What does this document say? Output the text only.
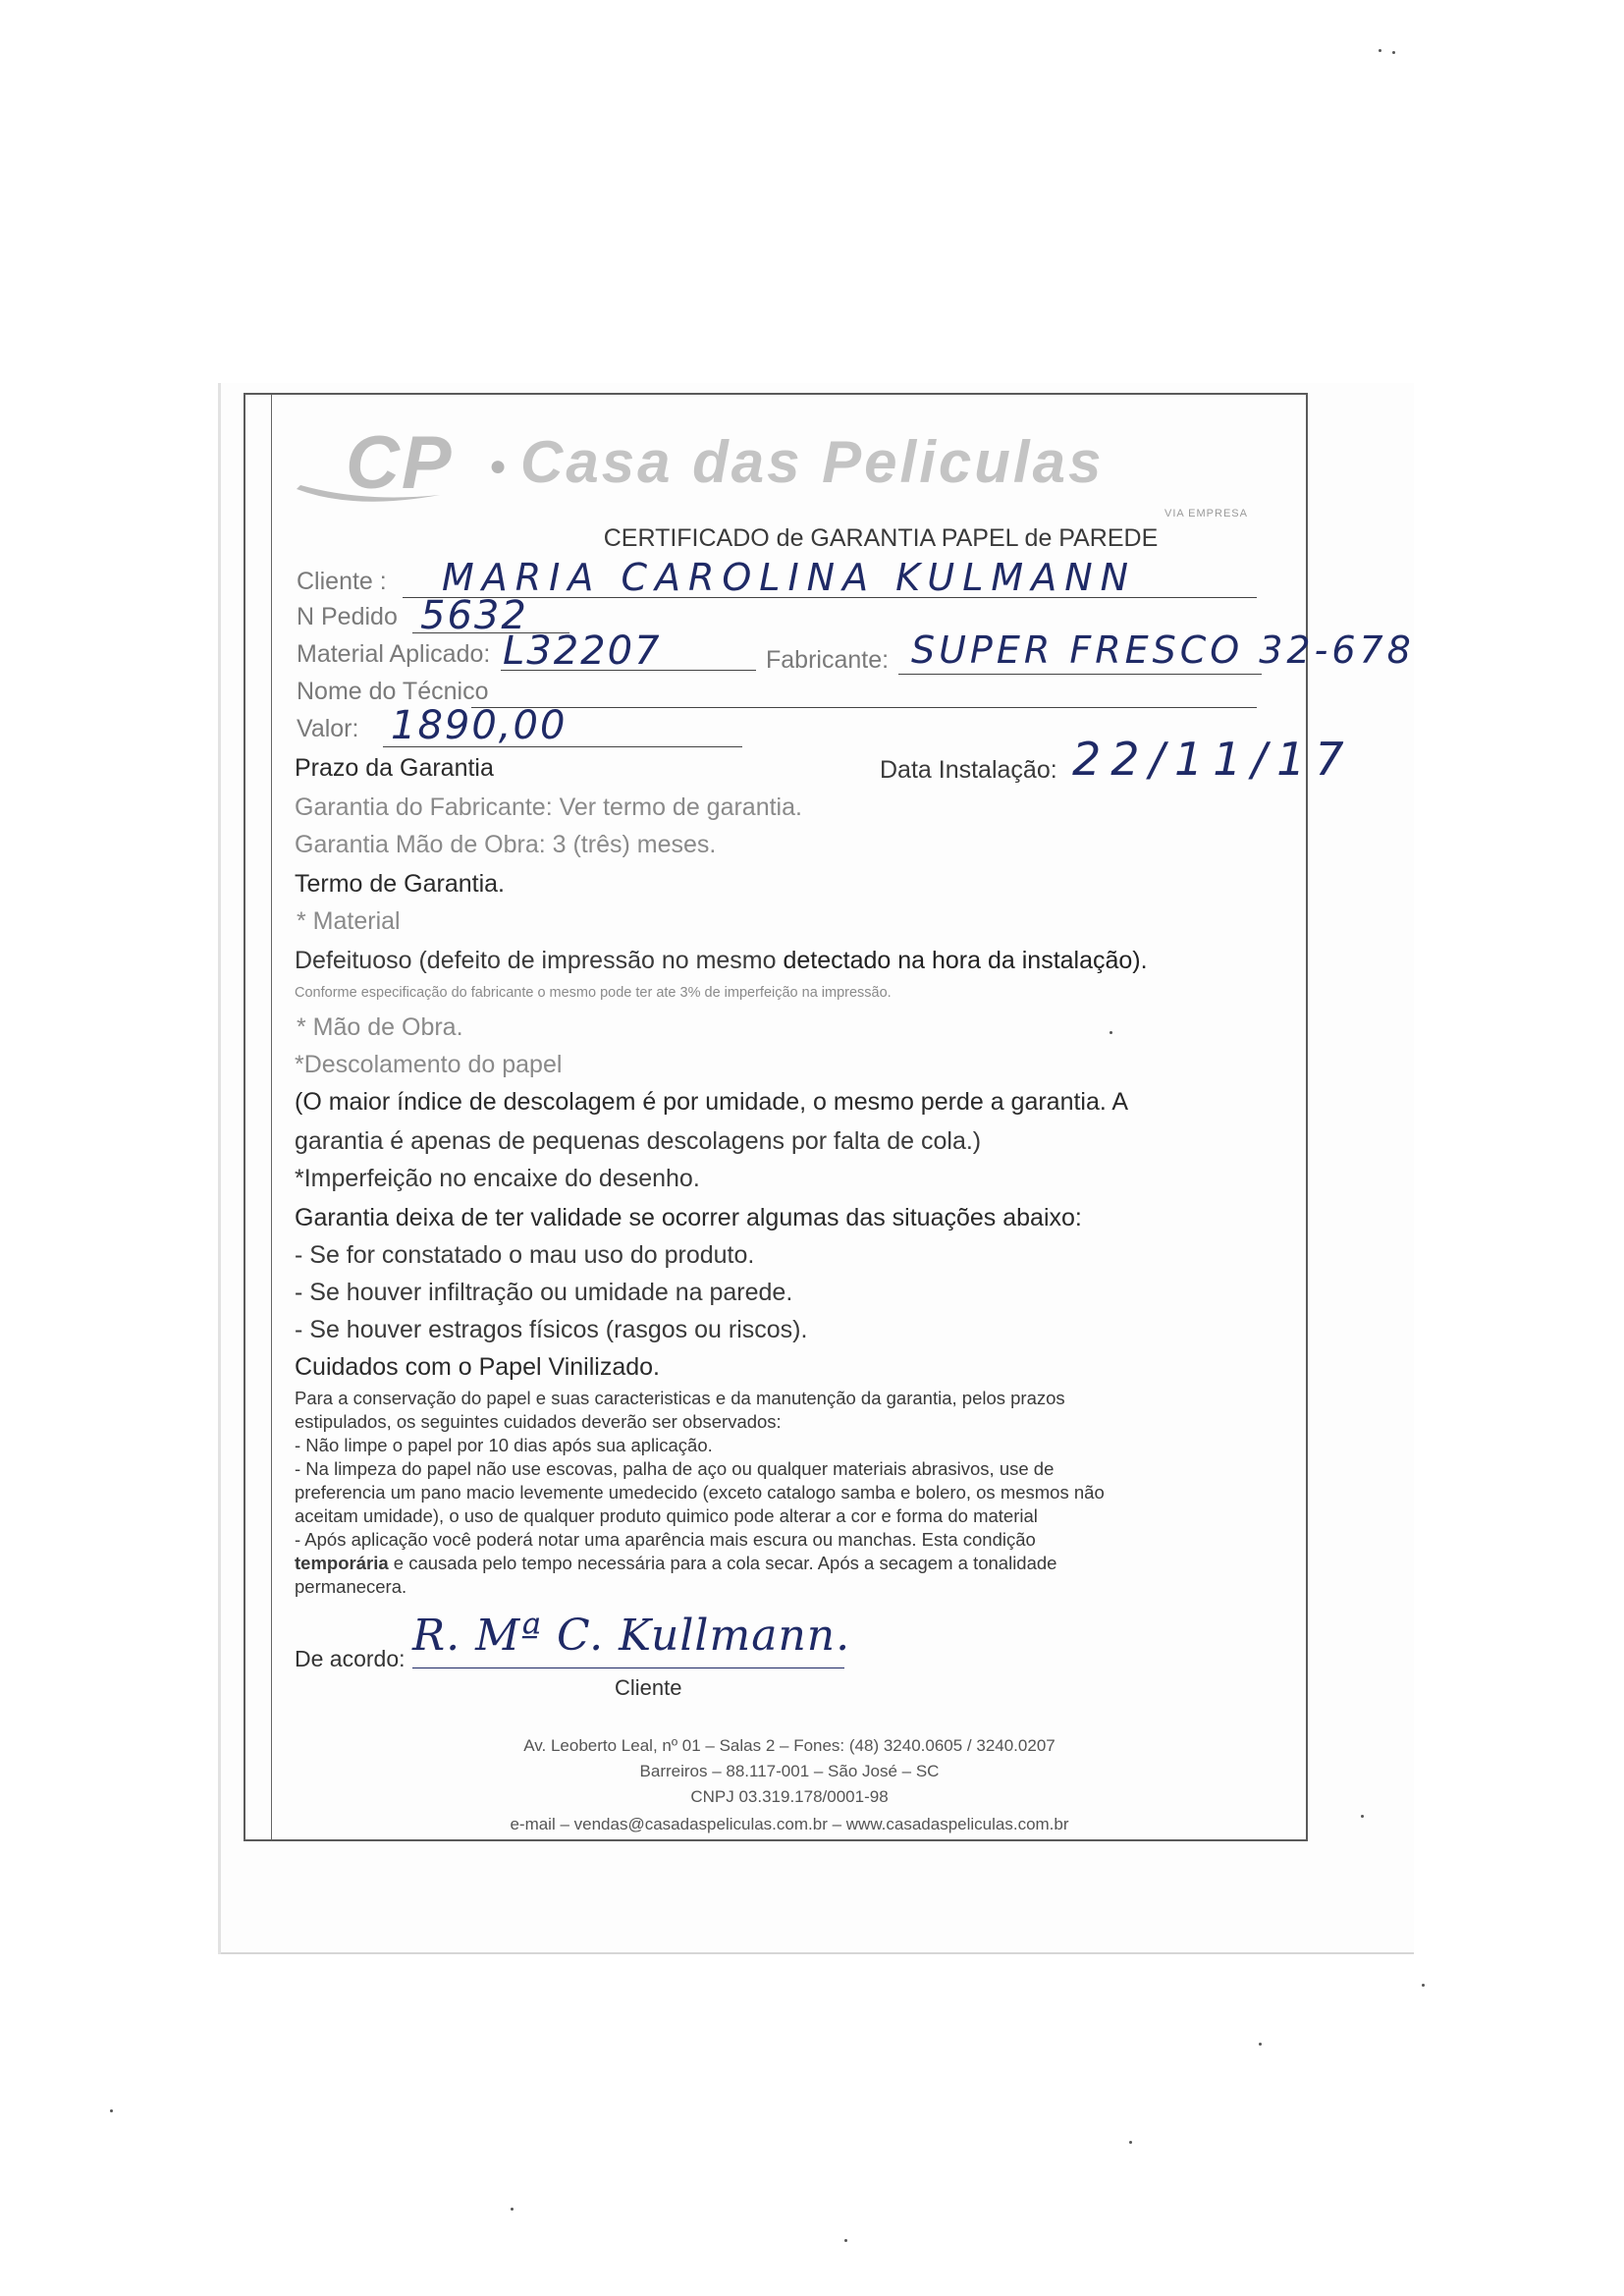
CP ● Casa das Peliculas
VIA EMPRESA
CERTIFICADO de GARANTIA PAPEL de PAREDE
Cliente : MARIA CAROLINA KULMANN
N Pedido 5632
Material Aplicado: L32207	Fabricante: SUPER FRESCO 32-678
Nome do Técnico
Valor: 1890,00
Prazo da Garantia	Data Instalação: 22/11/17
Garantia do Fabricante: Ver termo de garantia.
Garantia Mão de Obra: 3 (três) meses.
Termo de Garantia.
* Material
Defeituoso (defeito de impressão no mesmo detectado na hora da instalação).
Conforme especificação do fabricante o mesmo pode ter ate 3% de imperfeição na impressão.
* Mão de Obra.
*Descolamento do papel
(O maior índice de descolagem é por umidade, o mesmo perde a garantia. A
garantia é apenas de pequenas descolagens por falta de cola.)
*Imperfeição no encaixe do desenho.
Garantia deixa de ter validade se ocorrer algumas das situações abaixo:
- Se for constatado o mau uso do produto.
- Se houver infiltração ou umidade na parede.
- Se houver estragos físicos (rasgos ou riscos).
Cuidados com o Papel Vinilizado.
Para a conservação do papel e suas caracteristicas e da manutenção da garantia, pelos prazos
estipulados, os seguintes cuidados deverão ser observados:
- Não limpe o papel por 10 dias após sua aplicação.
- Na limpeza do papel não use escovas, palha de aço ou qualquer materiais abrasivos, use de
preferencia um pano macio levemente umedecido (exceto catalogo samba e bolero, os mesmos não
aceitam umidade), o uso de qualquer produto quimico pode alterar a cor e forma do material
- Após aplicação você poderá notar uma aparência mais escura ou manchas. Esta condição
temporária e causada pelo tempo necessária para a cola secar. Após a secagem a tonalidade
permanecera.
De acordo: R. Mª C. Kullmann.
Cliente
Av. Leoberto Leal, nº 01 – Salas 2 – Fones: (48) 3240.0605 / 3240.0207
Barreiros – 88.117-001 – São José – SC
CNPJ 03.319.178/0001-98
e-mail – vendas@casadaspeliculas.com.br – www.casadaspeliculas.com.br
